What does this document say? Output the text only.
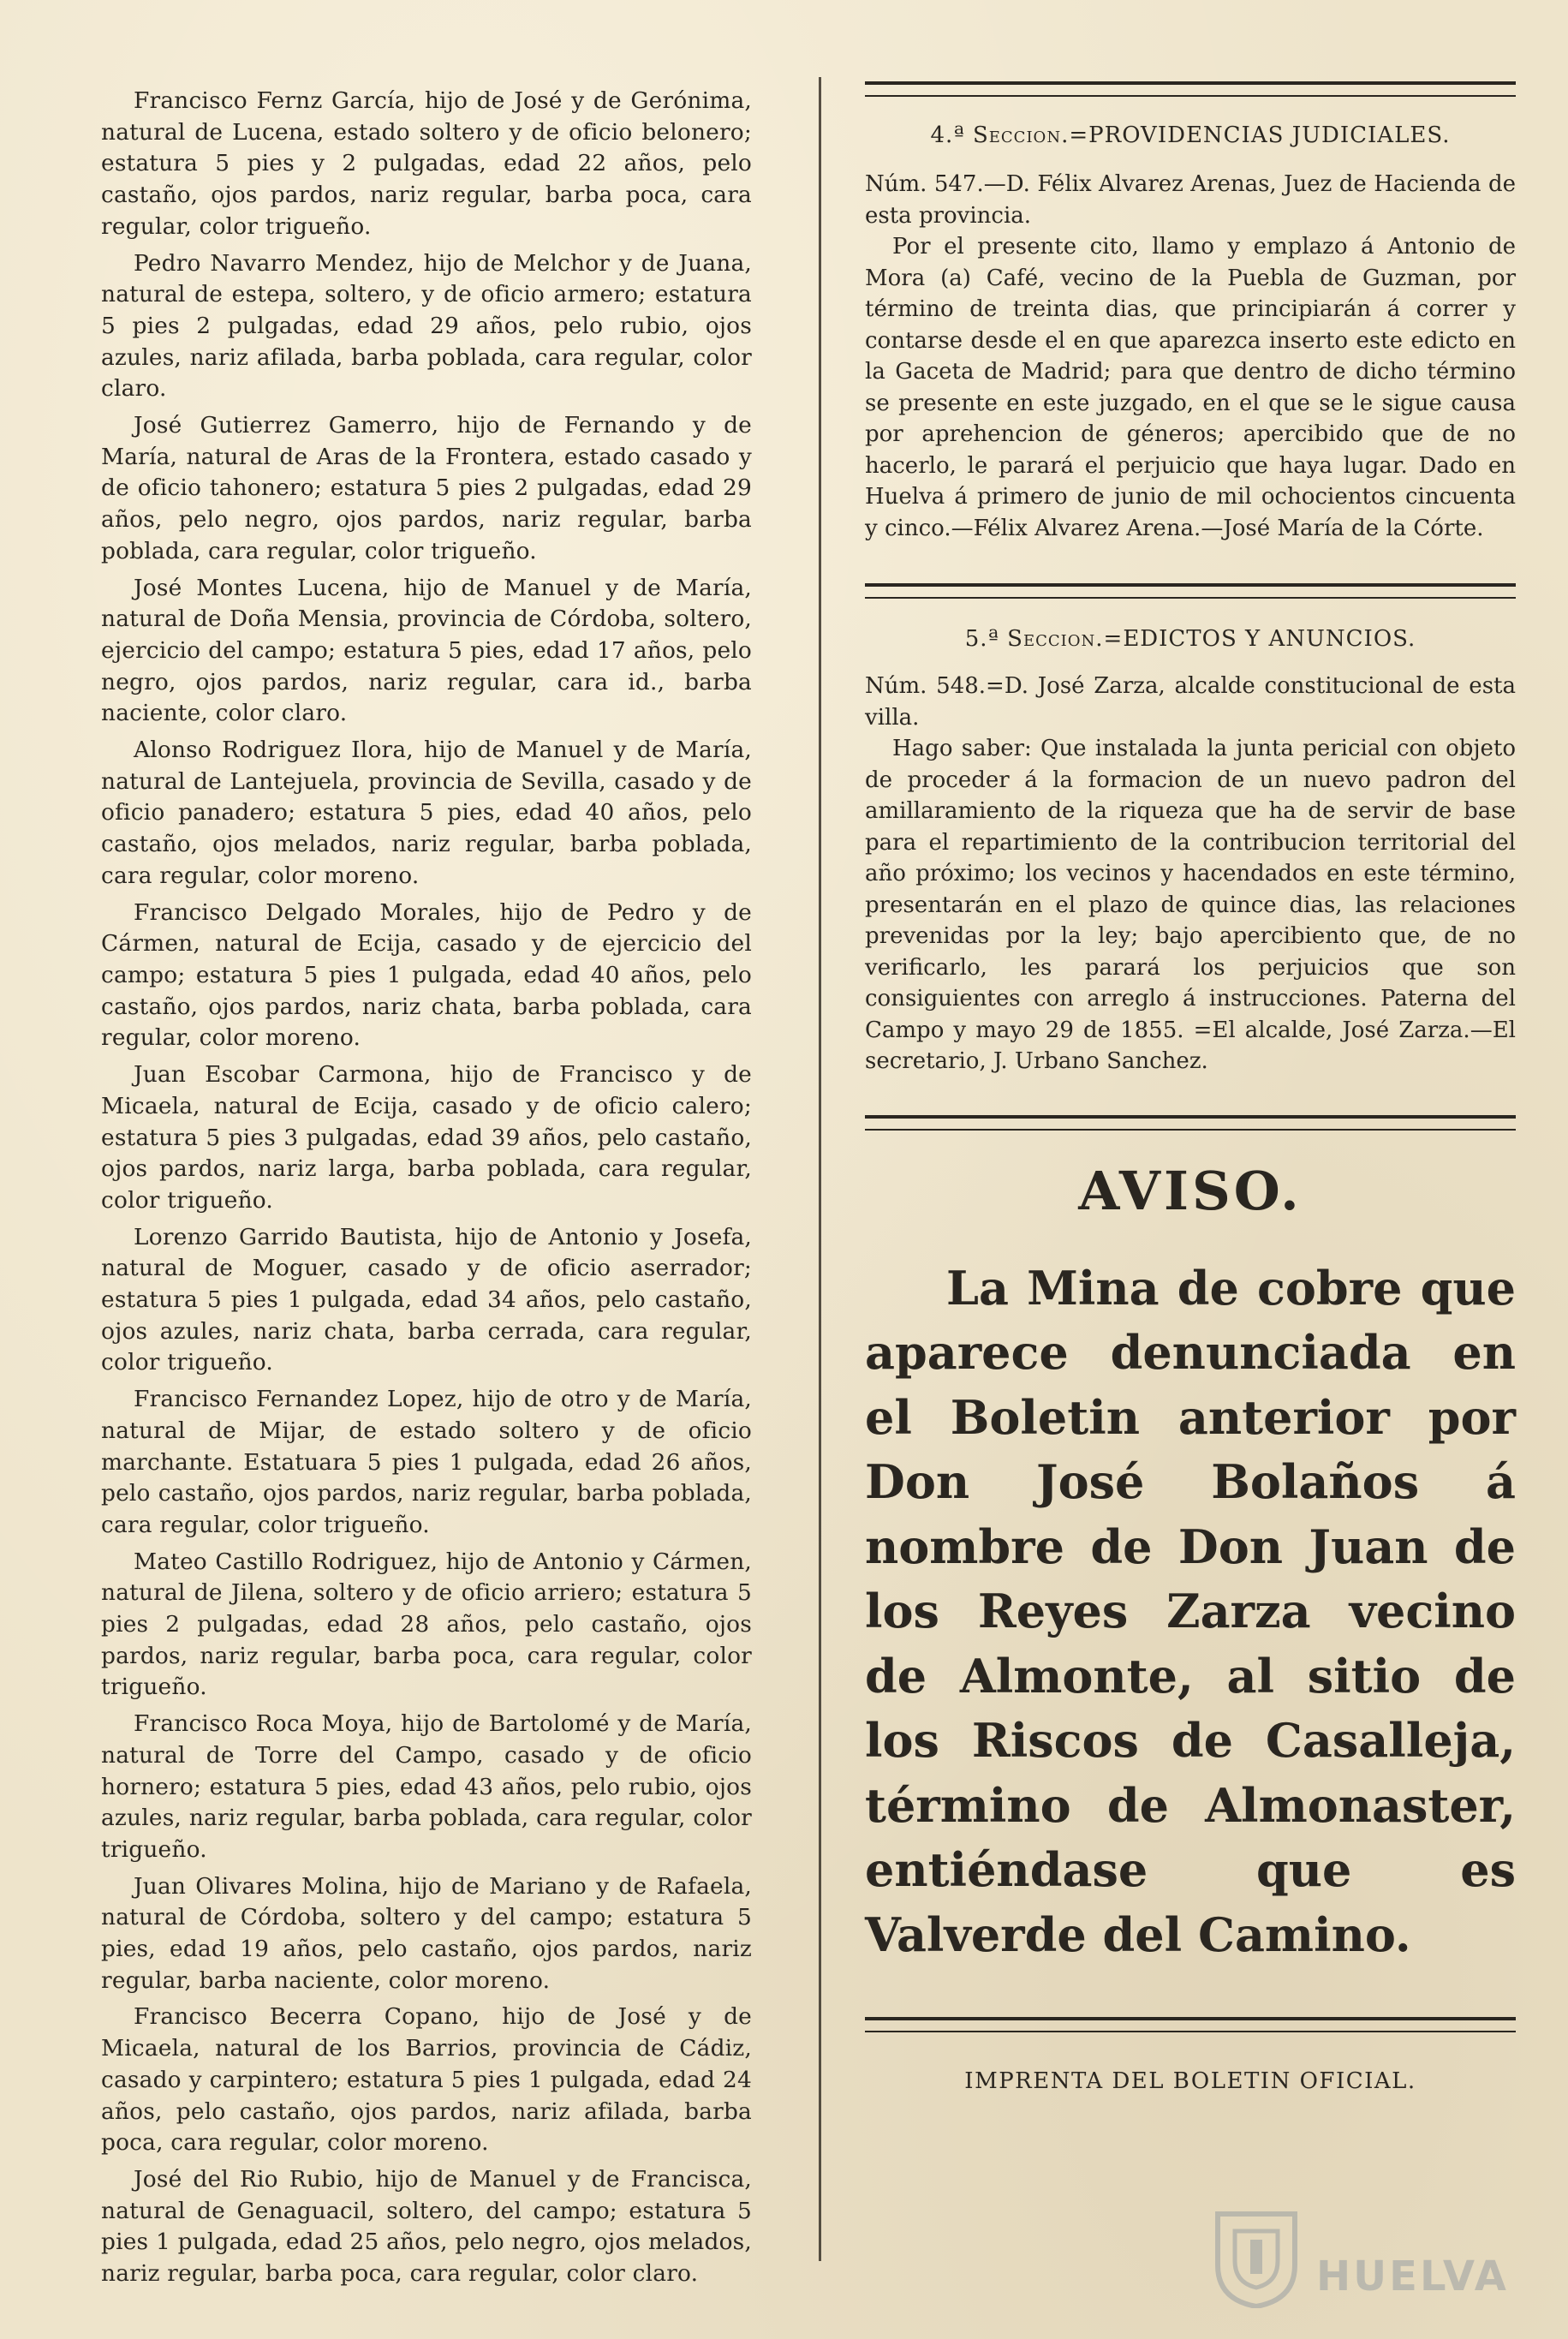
Francisco Fernz García, hijo de José y de Gerónima, natural de Lucena, estado soltero y de oficio belonero; estatura 5 pies y 2 pulgadas, edad 22 años, pelo castaño, ojos pardos, nariz regular, barba poca, cara regular, color trigueño.

Pedro Navarro Mendez, hijo de Melchor y de Juana, natural de estepa, soltero, y de oficio armero; estatura 5 pies 2 pulgadas, edad 29 años, pelo rubio, ojos azules, nariz afilada, barba poblada, cara regular, color claro.

José Gutierrez Gamerro, hijo de Fernando y de María, natural de Aras de la Frontera, estado casado y de oficio tahonero; estatura 5 pies 2 pulgadas, edad 29 años, pelo negro, ojos pardos, nariz regular, barba poblada, cara regular, color trigueño.

José Montes Lucena, hijo de Manuel y de María, natural de Doña Mensia, provincia de Córdoba, soltero, ejercicio del campo; estatura 5 pies, edad 17 años, pelo negro, ojos pardos, nariz regular, cara id., barba naciente, color claro.

Alonso Rodriguez Ilora, hijo de Manuel y de María, natural de Lantejuela, provincia de Sevilla, casado y de oficio panadero; estatura 5 pies, edad 40 años, pelo castaño, ojos melados, nariz regular, barba poblada, cara regular, color moreno.

Francisco Delgado Morales, hijo de Pedro y de Cármen, natural de Ecija, casado y de ejercicio del campo; estatura 5 pies 1 pulgada, edad 40 años, pelo castaño, ojos pardos, nariz chata, barba poblada, cara regular, color moreno.

Juan Escobar Carmona, hijo de Francisco y de Micaela, natural de Ecija, casado y de oficio calero; estatura 5 pies 3 pulgadas, edad 39 años, pelo castaño, ojos pardos, nariz larga, barba poblada, cara regular, color trigueño.

Lorenzo Garrido Bautista, hijo de Antonio y Josefa, natural de Moguer, casado y de oficio aserrador; estatura 5 pies 1 pulgada, edad 34 años, pelo castaño, ojos azules, nariz chata, barba cerrada, cara regular, color trigueño.

Francisco Fernandez Lopez, hijo de otro y de María, natural de Mijar, de estado soltero y de oficio marchante. Estatuara 5 pies 1 pulgada, edad 26 años, pelo castaño, ojos pardos, nariz regular, barba poblada, cara regular, color trigueño.

Mateo Castillo Rodriguez, hijo de Antonio y Cármen, natural de Jilena, soltero y de oficio arriero; estatura 5 pies 2 pulgadas, edad 28 años, pelo castaño, ojos pardos, nariz regular, barba poca, cara regular, color trigueño.

Francisco Roca Moya, hijo de Bartolomé y de María, natural de Torre del Campo, casado y de oficio hornero; estatura 5 pies, edad 43 años, pelo rubio, ojos azules, nariz regular, barba poblada, cara regular, color trigueño.

Juan Olivares Molina, hijo de Mariano y de Rafaela, natural de Córdoba, soltero y del campo; estatura 5 pies, edad 19 años, pelo castaño, ojos pardos, nariz regular, barba naciente, color moreno.

Francisco Becerra Copano, hijo de José y de Micaela, natural de los Barrios, provincia de Cádiz, casado y carpintero; estatura 5 pies 1 pulgada, edad 24 años, pelo castaño, ojos pardos, nariz afilada, barba poca, cara regular, color moreno.

José del Rio Rubio, hijo de Manuel y de Francisca, natural de Genaguacil, soltero, del campo; estatura 5 pies 1 pulgada, edad 25 años, pelo negro, ojos melados, nariz regular, barba poca, cara regular, color claro.

4.ª Seccion.=PROVIDENCIAS JUDICIALES.

Núm. 547.—D. Félix Alvarez Arenas, Juez de Hacienda de esta provincia.

Por el presente cito, llamo y emplazo á Antonio de Mora (a) Café, vecino de la Puebla de Guzman, por término de treinta dias, que principiarán á correr y contarse desde el en que aparezca inserto este edicto en la Gaceta de Madrid; para que dentro de dicho término se presente en este juzgado, en el que se le sigue causa por aprehencion de géneros; apercibido que de no hacerlo, le parará el perjuicio que haya lugar. Dado en Huelva á primero de junio de mil ochocientos cincuenta y cinco.—Félix Alvarez Arena.—José María de la Córte.

5.ª Seccion.=EDICTOS Y ANUNCIOS.

Núm. 548.=D. José Zarza, alcalde constitucional de esta villa.

Hago saber: Que instalada la junta pericial con objeto de proceder á la formacion de un nuevo padron del amillaramiento de la riqueza que ha de servir de base para el repartimiento de la contribucion territorial del año próximo; los vecinos y hacendados en este término, presentarán en el plazo de quince dias, las relaciones prevenidas por la ley; bajo apercibiento que, de no verificarlo, les parará los perjuicios que son consiguientes con arreglo á instrucciones. Paterna del Campo y mayo 29 de 1855. =El alcalde, José Zarza.—El secretario, J. Urbano Sanchez.

AVISO.

La Mina de cobre que aparece denunciada en el Boletin anterior por Don José Bolaños á nombre de Don Juan de los Reyes Zarza vecino de Almonte, al sitio de los Riscos de Casalleja, término de Almonaster, entiéndase que es Valverde del Camino.

IMPRENTA DEL BOLETIN OFICIAL.

HUELVA
